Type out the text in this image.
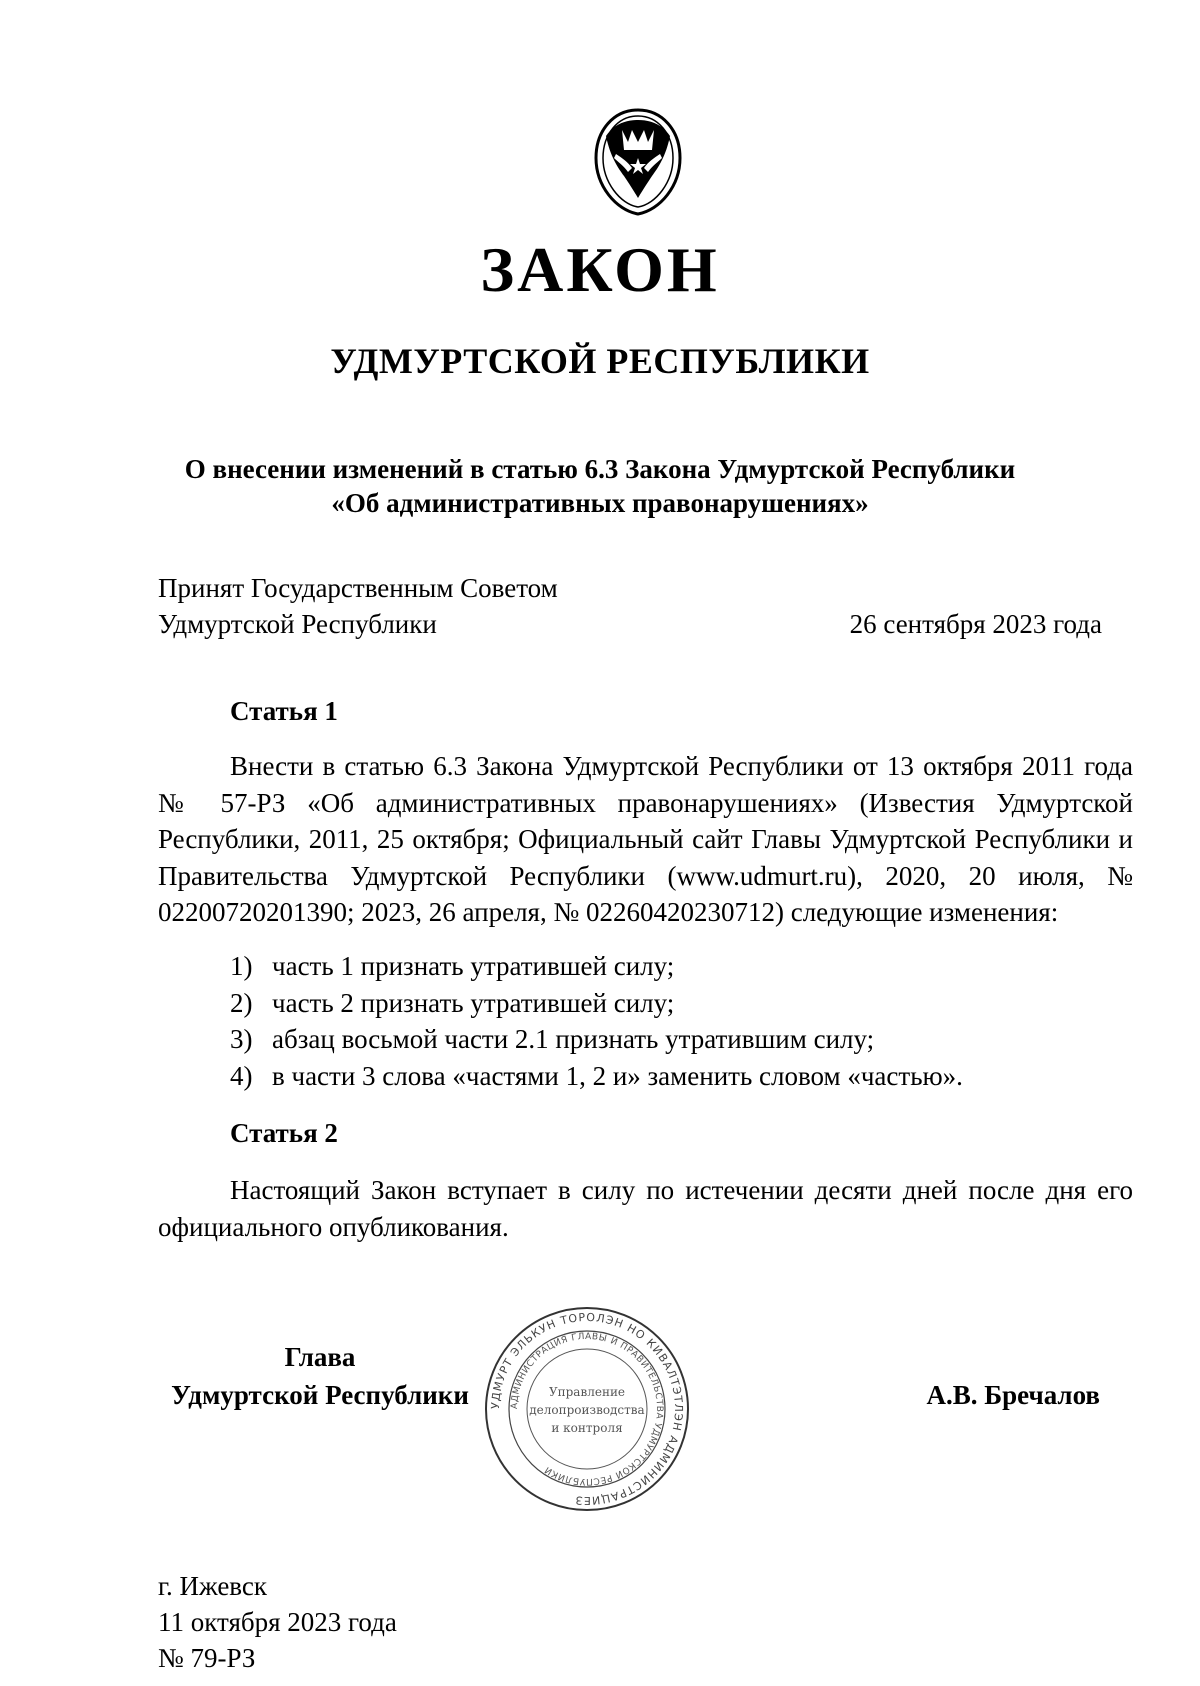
ЗАКОН
УДМУРТСКОЙ РЕСПУБЛИКИ
О внесении изменений в статью 6.3 Закона Удмуртской Республики
«Об административных правонарушениях»
Принят Государственным Советом
Удмуртской Республики	26 сентября 2023 года
Статья 1
Внести в статью 6.3 Закона Удмуртской Республики от 13 октября 2011 года № 57-РЗ «Об административных правонарушениях» (Известия Удмуртской Республики, 2011, 25 октября; Официальный сайт Главы Удмуртской Республики и Правительства Удмуртской Республики (www.udmurt.ru), 2020, 20 июля, № 02200720201390; 2023, 26 апреля, № 02260420230712) следующие изменения:
1) часть 1 признать утратившей силу;
2) часть 2 признать утратившей силу;
3) абзац восьмой части 2.1 признать утратившим силу;
4) в части 3 слова «частями 1, 2 и» заменить словом «частью».
Статья 2
Настоящий Закон вступает в силу по истечении десяти дней после дня его официального опубликования.
Глава
Удмуртской Республики	А.В. Бречалов
УДМУРТ ЭЛЬКУН ТОРОЛЭН НО КИВАЛТЭТЛЭН АДМИНИСТРАЦИЕЗ
АДМИНИСТРАЦИЯ ГЛАВЫ И ПРАВИТЕЛЬСТВА УДМУРТСКОЙ РЕСПУБЛИКИ
Управление
делопроизводства
и контроля
г. Ижевск
11 октября 2023 года
№ 79-РЗ
